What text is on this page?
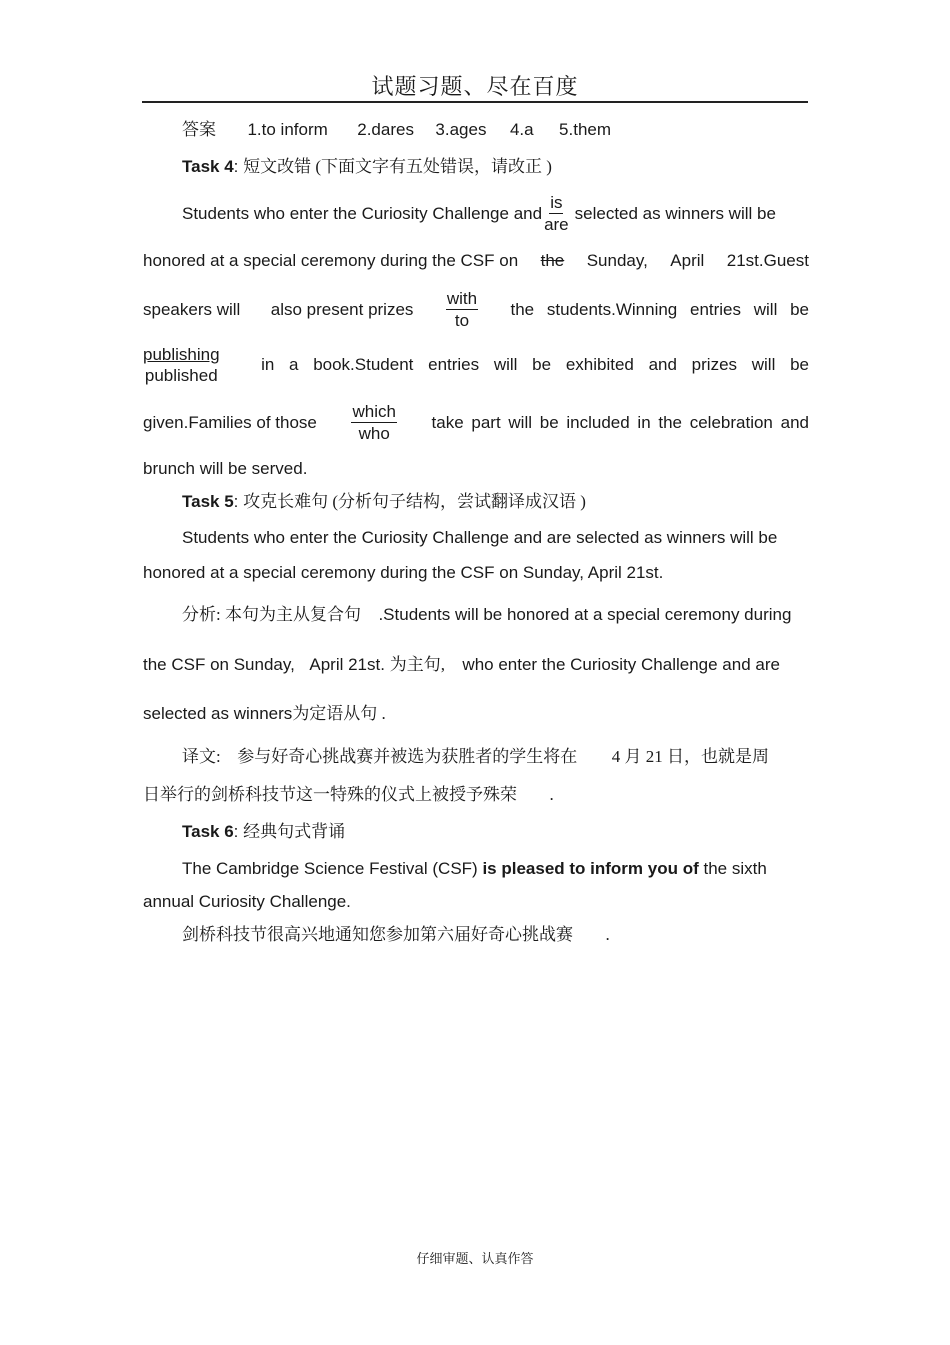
试题习题、尽在百度
答案 1.to inform 2.dares 3.ages 4.a 5.them
Task 4: 短文改错 (下面文字有五处错误，请改正 )
Students who enter the Curiosity Challenge and $\frac{is}{\text{are}}$ selected as winners will be
honored at a special ceremony during the CSF on the Sunday, April 21st.Guest
speakers will also present prizes $\frac{\text{with}}{to}$ the students.Winning entries will be
$\frac{\text{publishing}}{\text{published}}$ in a book.Student entries will be exhibited and prizes will be
given.Families of those $\frac{\text{which}}{\text{who}}$ take part will be included in the celebration and
brunch will be served.
Task 5: 攻克长难句 (分析句子结构，尝试翻译成汉语 )
Students who enter the Curiosity Challenge and are selected as winners will be
honored at a special ceremony during the CSF on Sunday, April 21st.
分析: 本句为主从复合句 .Students will be honored at a special ceremony during
the CSF on Sunday, April 21st. 为主句, who enter the Curiosity Challenge and are
selected as winners为定语从句 .
译文: 参与好奇心挑战赛并被选为获胜者的学生将在 4 月 21 日，也就是周
日举行的剑桥科技节这一特殊的仪式上被授予殊荣 .
Task 6: 经典句式背诵
The Cambridge Science Festival (CSF) is pleased to inform you of the sixth
annual Curiosity Challenge.
剑桥科技节很高兴地通知您参加第六届好奇心挑战赛 .
仔细审题、认真作答
